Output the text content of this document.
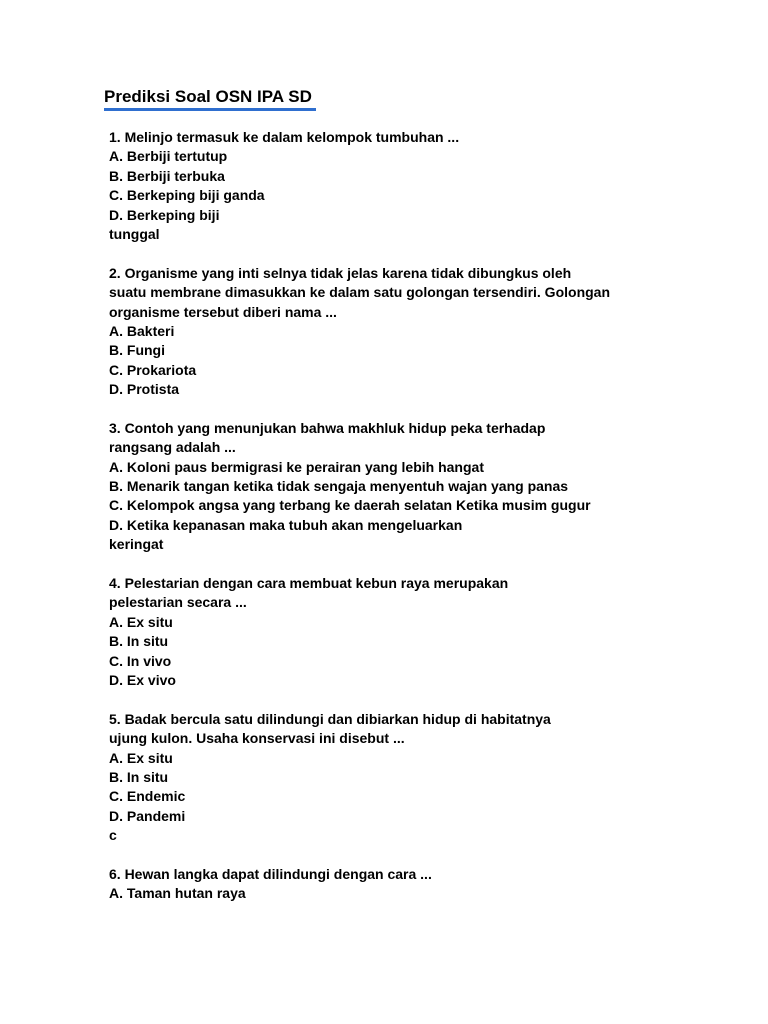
Prediksi Soal OSN IPA SD
1. Melinjo termasuk ke dalam kelompok tumbuhan ...
A. Berbiji tertutup
B. Berbiji terbuka
C. Berkeping biji ganda
D. Berkeping biji
tunggal
2. Organisme yang inti selnya tidak jelas karena tidak dibungkus oleh
suatu membrane dimasukkan ke dalam satu golongan tersendiri. Golongan
organisme tersebut diberi nama ...
A. Bakteri
B. Fungi
C. Prokariota
D. Protista
3. Contoh yang menunjukan bahwa makhluk hidup peka terhadap
rangsang adalah ...
A. Koloni paus bermigrasi ke perairan yang lebih hangat
B. Menarik tangan ketika tidak sengaja menyentuh wajan yang panas
C. Kelompok angsa yang terbang ke daerah selatan Ketika musim gugur
D. Ketika kepanasan maka tubuh akan mengeluarkan
keringat
4. Pelestarian dengan cara membuat kebun raya merupakan
pelestarian secara ...
A. Ex situ
B. In situ
C. In vivo
D. Ex vivo
5. Badak bercula satu dilindungi dan dibiarkan hidup di habitatnya
ujung kulon. Usaha konservasi ini disebut ...
A. Ex situ
B. In situ
C. Endemic
D. Pandemi
c
6. Hewan langka dapat dilindungi dengan cara ...
A. Taman hutan raya
